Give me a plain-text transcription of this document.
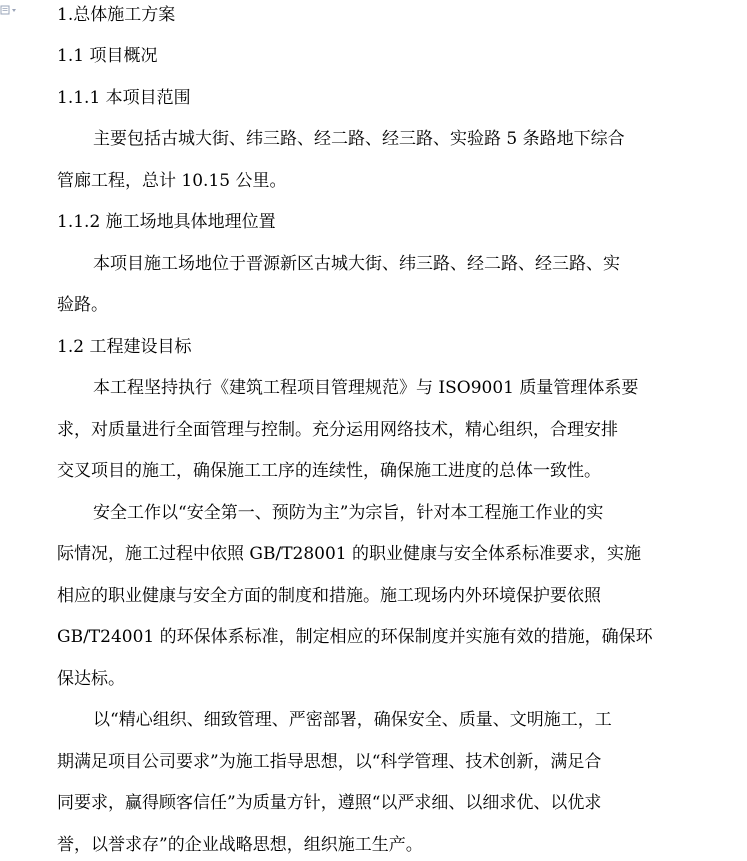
1.总体施工方案
1.1 项目概况
1.1.1 本项目范围
主要包括古城大街、纬三路、经二路、经三路、实验路 5 条路地下综合
管廊工程，总计 10.15 公里。
1.1.2 施工场地具体地理位置
本项目施工场地位于晋源新区古城大街、纬三路、经二路、经三路、实
验路。
1.2 工程建设目标
本工程坚持执行《建筑工程项目管理规范》与 ISO9001 质量管理体系要
求，对质量进行全面管理与控制。充分运用网络技术，精心组织，合理安排
交叉项目的施工，确保施工工序的连续性，确保施工进度的总体一致性。
安全工作以“安全第一、预防为主”为宗旨，针对本工程施工作业的实
际情况，施工过程中依照 GB/T28001 的职业健康与安全体系标准要求，实施
相应的职业健康与安全方面的制度和措施。施工现场内外环境保护要依照
GB/T24001 的环保体系标准，制定相应的环保制度并实施有效的措施，确保环
保达标。
以“精心组织、细致管理、严密部署，确保安全、质量、文明施工，工
期满足项目公司要求”为施工指导思想，以“科学管理、技术创新，满足合
同要求，赢得顾客信任”为质量方针，遵照“以严求细、以细求优、以优求
誉，以誉求存”的企业战略思想，组织施工生产。
